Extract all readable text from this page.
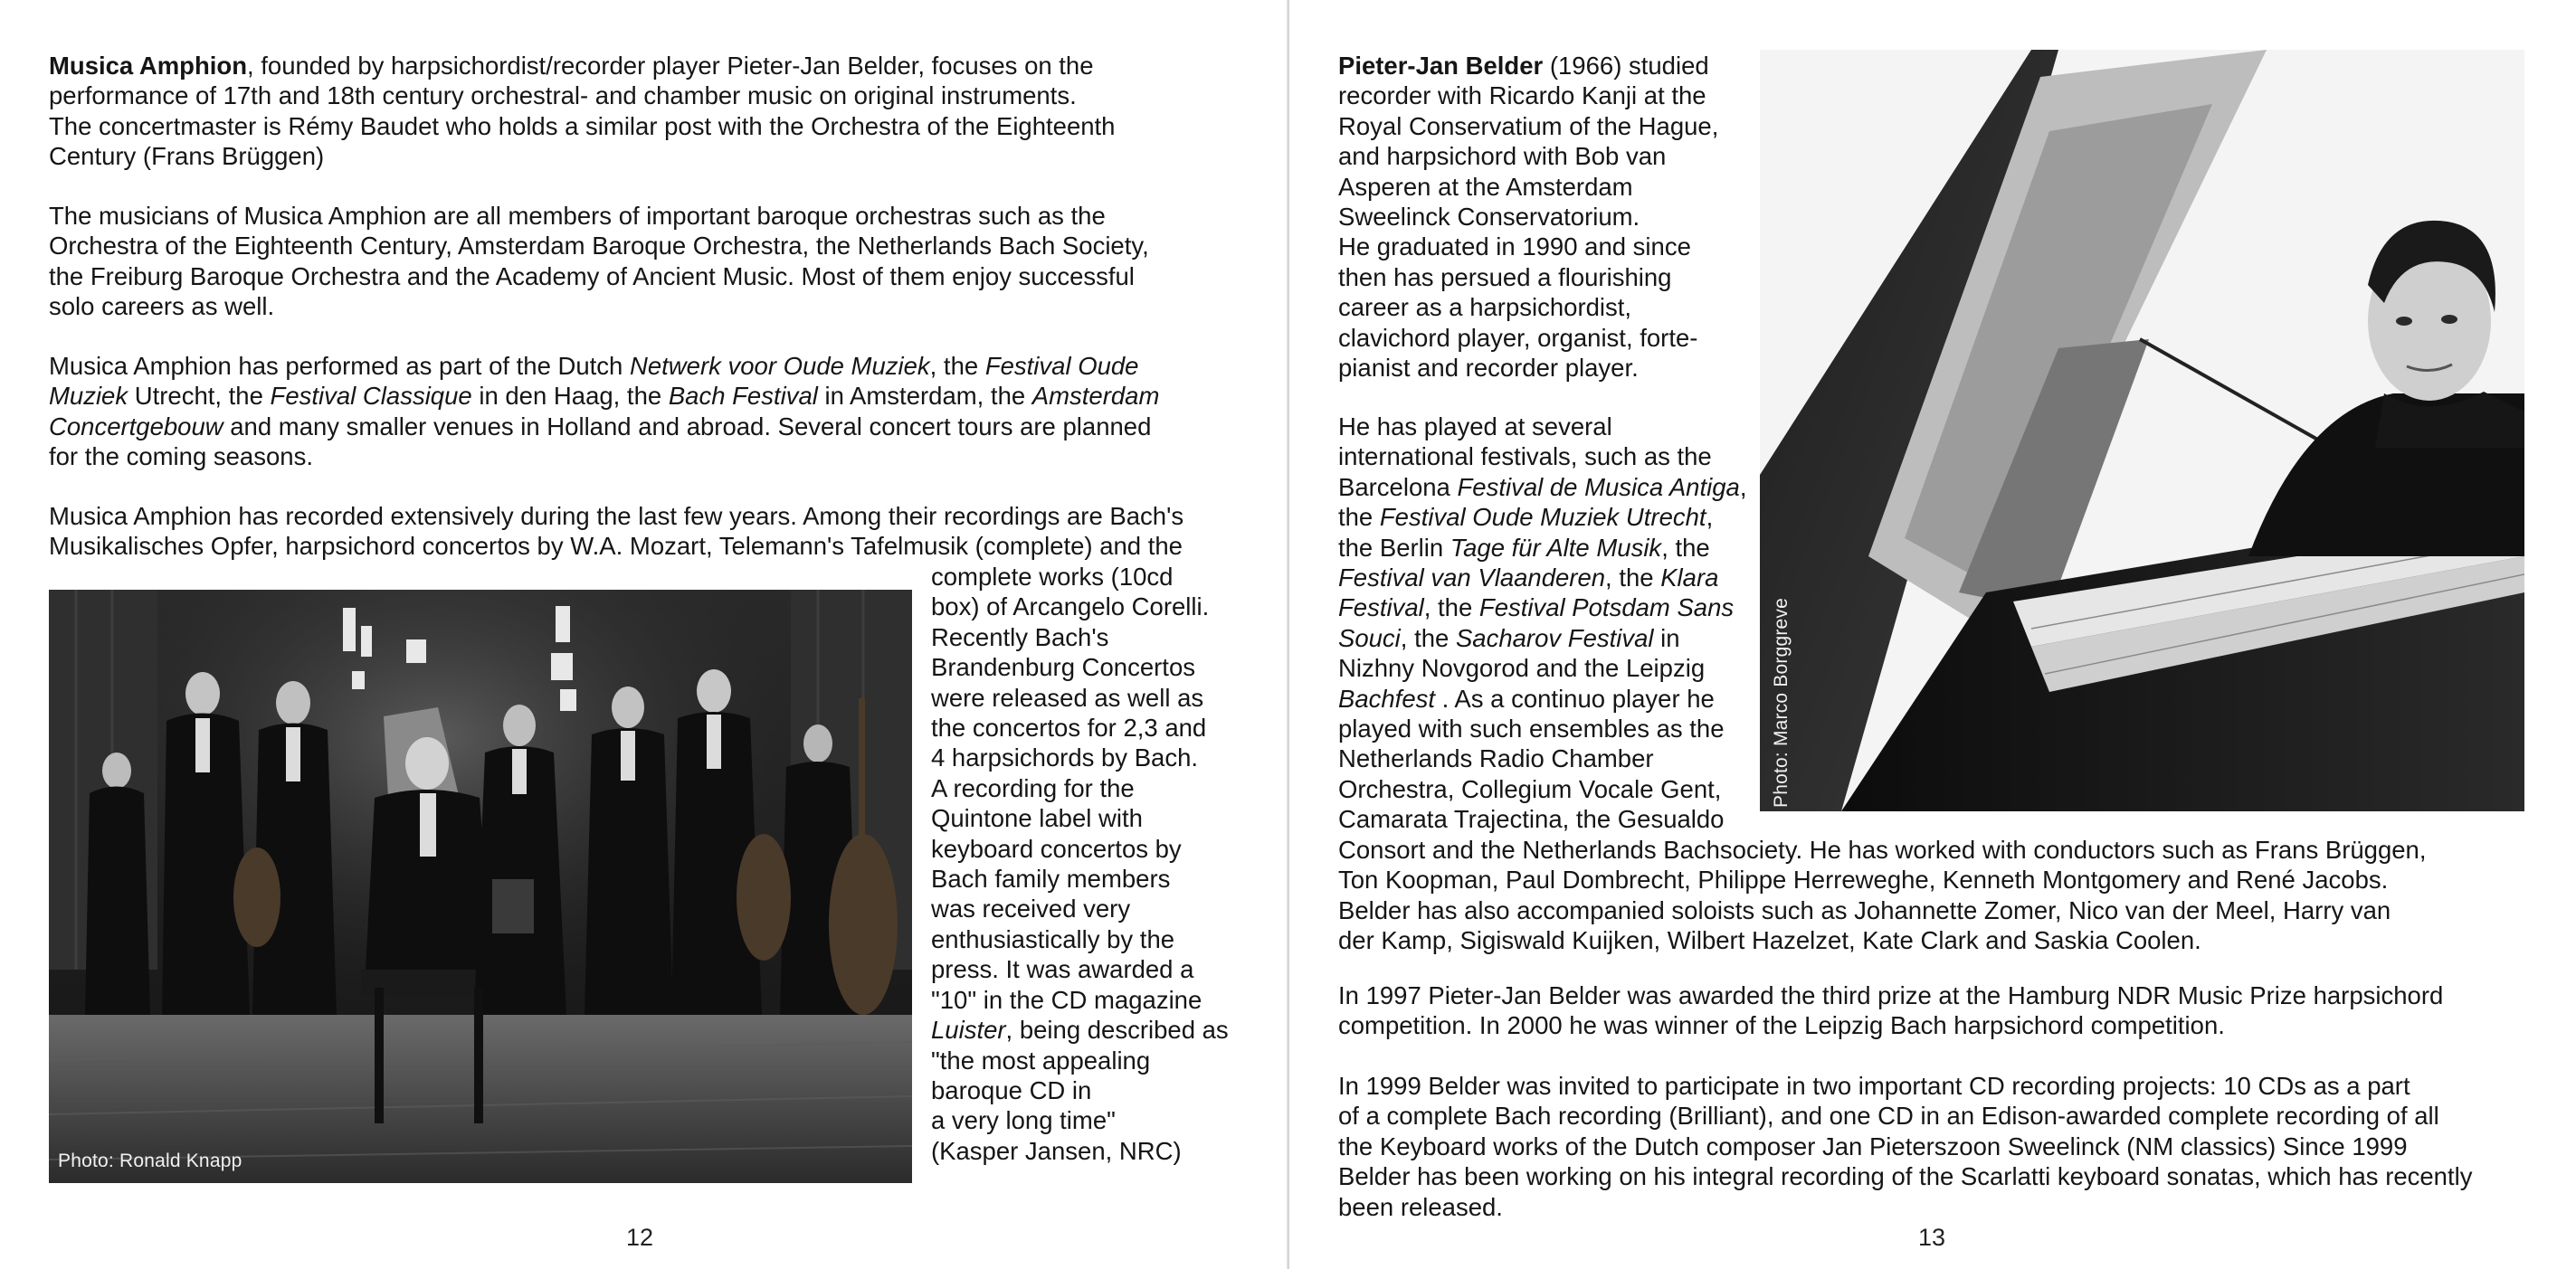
Musica Amphion, founded by harpsichordist/recorder player Pieter-Jan Belder, focuses on the
performance of 17th and 18th century orchestral- and chamber music on original instruments.
The concertmaster is Rémy Baudet who holds a similar post with the Orchestra of the Eighteenth
Century (Frans Brüggen)

The musicians of Musica Amphion are all members of important baroque orchestras such as the
Orchestra of the Eighteenth Century, Amsterdam Baroque Orchestra, the Netherlands Bach Society,
the Freiburg Baroque Orchestra and the Academy of Ancient Music. Most of them enjoy successful
solo careers as well.

Musica Amphion has performed as part of the Dutch Netwerk voor Oude Muziek, the Festival Oude
Muziek Utrecht, the Festival Classique in den Haag, the Bach Festival in Amsterdam, the Amsterdam
Concertgebouw and many smaller venues in Holland and abroad. Several concert tours are planned
for the coming seasons.

Musica Amphion has recorded extensively during the last few years. Among their recordings are Bach's
Musikalisches Opfer, harpsichord concertos by W.A. Mozart, Telemann's Tafelmusik (complete) and the

complete works (10cd
box) of Arcangelo Corelli.
Recently Bach's
Brandenburg Concertos
were released as well as
the concertos for 2,3 and
4 harpsichords by Bach.
A recording for the
Quintone label with
keyboard concertos by
Bach family members
was received very
enthusiastically by the
press. It was awarded a
"10" in the CD magazine
Luister, being described as
"the most appealing
baroque CD in
a very long time"
(Kasper Jansen, NRC)

Photo: Ronald Knapp
12

Pieter-Jan Belder (1966) studied
recorder with Ricardo Kanji at the
Royal Conservatium of the Hague,
and harpsichord with Bob van
Asperen at the Amsterdam
Sweelinck Conservatorium.
He graduated in 1990 and since
then has persued a flourishing
career as a harpsichordist,
clavichord player, organist, forte-
pianist and recorder player.

He has played at several
international festivals, such as the
Barcelona Festival de Musica Antiga,
the Festival Oude Muziek Utrecht,
the Berlin Tage für Alte Musik, the
Festival van Vlaanderen, the Klara
Festival, the Festival Potsdam Sans
Souci, the Sacharov Festival in
Nizhny Novgorod and the Leipzig
Bachfest . As a continuo player he
played with such ensembles as the
Netherlands Radio Chamber
Orchestra, Collegium Vocale Gent,
Camarata Trajectina, the Gesualdo
Consort and the Netherlands Bachsociety. He has worked with conductors such as Frans Brüggen,
Ton Koopman, Paul Dombrecht, Philippe Herreweghe, Kenneth Montgomery and René Jacobs.
Belder has also accompanied soloists such as Johannette Zomer, Nico van der Meel, Harry van
der Kamp, Sigiswald Kuijken, Wilbert Hazelzet, Kate Clark and Saskia Coolen.

In 1997 Pieter-Jan Belder was awarded the third prize at the Hamburg NDR Music Prize harpsichord
competition. In 2000 he was winner of the Leipzig Bach harpsichord competition.

In 1999 Belder was invited to participate in two important CD recording projects: 10 CDs as a part
of a complete Bach recording (Brilliant), and one CD in an Edison-awarded complete recording of all
the Keyboard works of the Dutch composer Jan Pieterszoon Sweelinck (NM classics) Since 1999
Belder has been working on his integral recording of the Scarlatti keyboard sonatas, which has recently
been released.

Photo: Marco Borggreve
13
